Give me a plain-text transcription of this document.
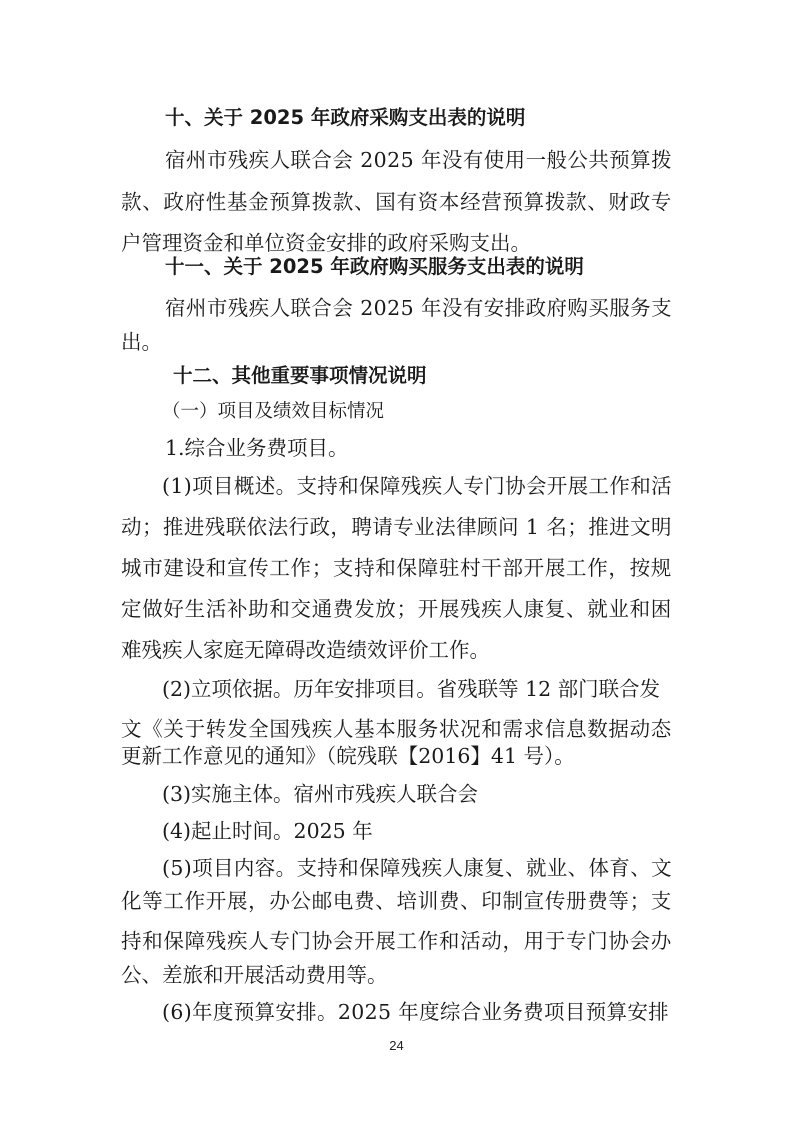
十、关于 2025 年政府采购支出表的说明
宿州市残疾人联合会 2025 年没有使用一般公共预算拨
款、政府性基金预算拨款、国有资本经营预算拨款、财政专
户管理资金和单位资金安排的政府采购支出。
十一、关于 2025 年政府购买服务支出表的说明
宿州市残疾人联合会 2025 年没有安排政府购买服务支
出。
十二、其他重要事项情况说明
（一）项目及绩效目标情况
1.综合业务费项目。
(1)项目概述。支持和保障残疾人专门协会开展工作和活
动；推进残联依法行政，聘请专业法律顾问 1 名；推进文明
城市建设和宣传工作；支持和保障驻村干部开展工作，按规
定做好生活补助和交通费发放；开展残疾人康复、就业和困
难残疾人家庭无障碍改造绩效评价工作。
(2)立项依据。历年安排项目。省残联等 12 部门联合发
文《关于转发全国残疾人基本服务状况和需求信息数据动态
更新工作意见的通知》（皖残联【2016】41 号）。
(3)实施主体。宿州市残疾人联合会
(4)起止时间。2025 年
(5)项目内容。支持和保障残疾人康复、就业、体育、文
化等工作开展，办公邮电费、培训费、印制宣传册费等；支
持和保障残疾人专门协会开展工作和活动，用于专门协会办
公、差旅和开展活动费用等。
(6)年度预算安排。2025 年度综合业务费项目预算安排
24
